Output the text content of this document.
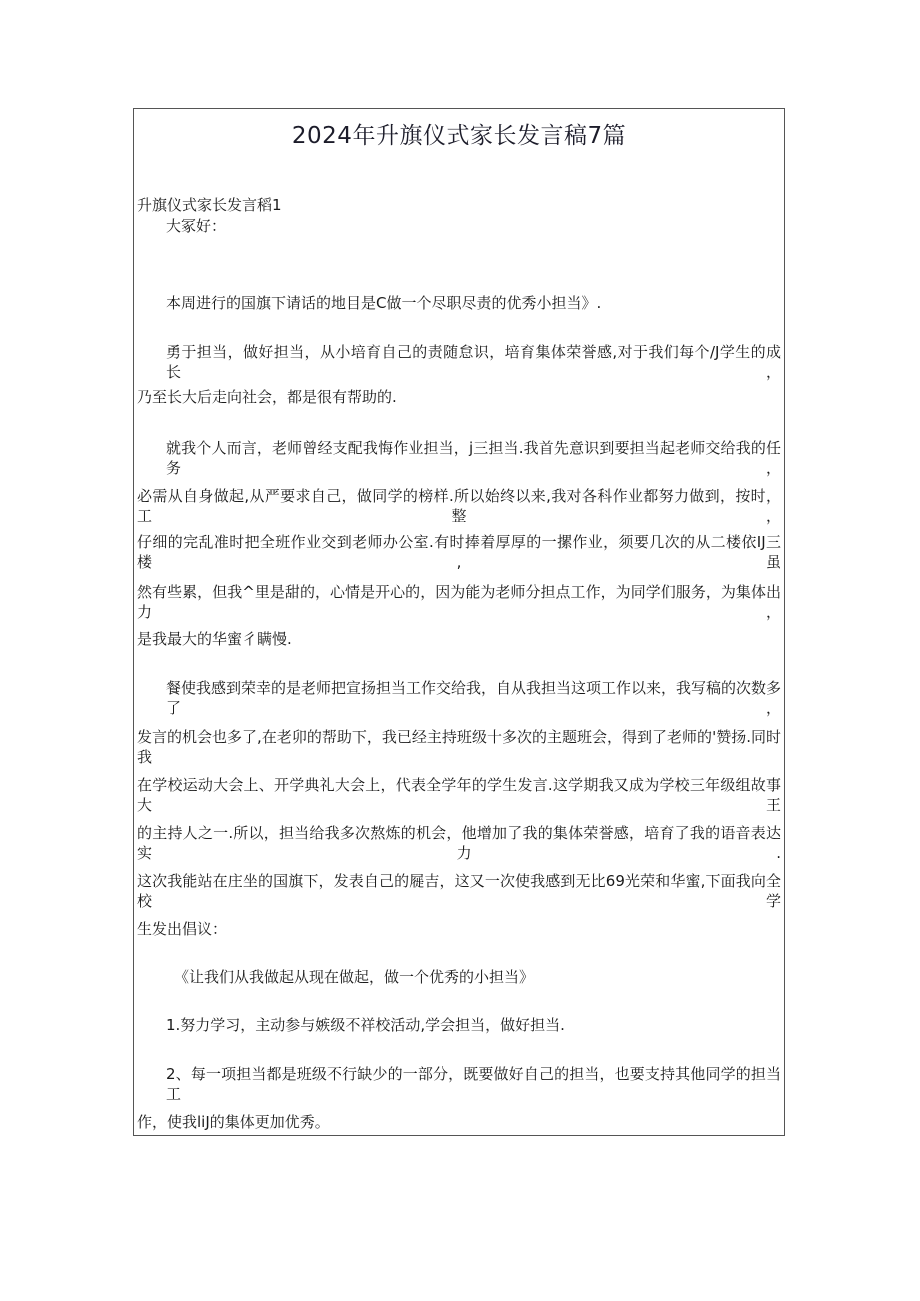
2024年升旗仪式家长发言稿7篇
升旗仪式家长发言稻1
大冢好：
本周进行的国旗下请话的地目是C做一个尽职尽责的优秀小担当》.
勇于担当，做好担当，从小培育自己的责随怠识，培育集体荣誉感,对于我们每个/J学生的成长，
乃至长大后走向社会，都是很有帮助的.
就我个人而言，老师曾经支配我悔作业担当，j三担当.我首先意识到要担当起老师交给我的任务，
必需从自身做起,从严要求自己，做同学的榜样.所以始终以来,我对各科作业都努力做到，按时，工整，
仔细的完乱准时把全班作业交到老师办公室.有时捧着厚厚的一摞作业，须要几次的从二楼依IJ三楼,虽
然有些累，但我^里是甜的，心情是开心的，因为能为老师分担点工作，为同学们服务，为集体出力，
是我最大的华蜜彳瞒慢.
餐使我感到荣幸的是老师把宣扬担当工作交给我，自从我担当这项工作以来，我写稿的次数多了，
发言的机会也多了,在老卯的帮助下，我已经主持班级十多次的主题班会，得到了老师的'赞扬.同时我
在学校运动大会上、开学典礼大会上，代表全学年的学生发言.这学期我又成为学校三年级组故事大王
的主持人之一.所以，担当给我多次熬炼的机会，他增加了我的集体荣誉感，培育了我的语音表达实力.
这次我能站在庄坐的国旗下，发表自己的屣吉，这又一次使我感到无比69光荣和华蜜,下面我向全校学
生发出倡议：
《让我们从我做起从现在做起，做一个优秀的小担当》
1.努力学习，主动参与嫉级不祥校活动,学会担当，做好担当.
2、每一项担当都是班级不行缺少的一部分，既要做好自己的担当，也要支持其他同学的担当工
作，使我liJ的集体更加优秀。
